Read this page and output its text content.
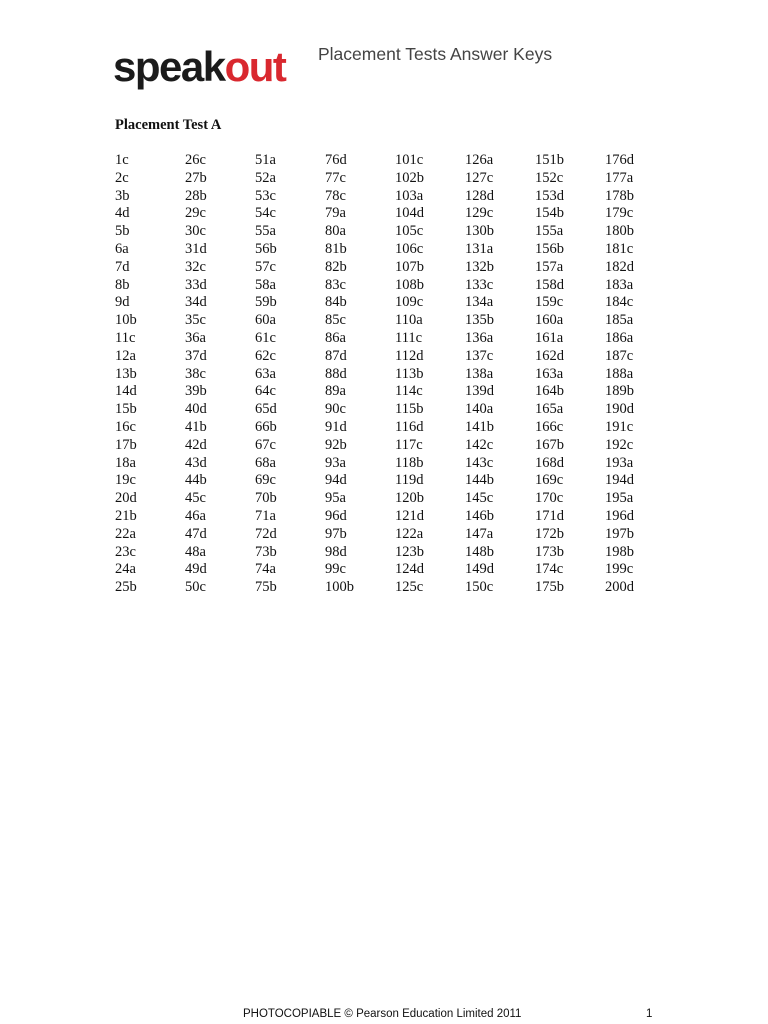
speakout Placement Tests Answer Keys
Placement Test A
1c
2c
3b
4d
5b
6a
7d
8b
9d
10b
11c
12a
13b
14d
15b
16c
17b
18a
19c
20d
21b
22a
23c
24a
25b
26c
27b
28b
29c
30c
31d
32c
33d
34d
35c
36a
37d
38c
39b
40d
41b
42d
43d
44b
45c
46a
47d
48a
49d
50c
51a
52a
53c
54c
55a
56b
57c
58a
59b
60a
61c
62c
63a
64c
65d
66b
67c
68a
69c
70b
71a
72d
73b
74a
75b
76d
77c
78c
79a
80a
81b
82b
83c
84b
85c
86a
87d
88d
89a
90c
91d
92b
93a
94d
95a
96d
97b
98d
99c
100b
101c
102b
103a
104d
105c
106c
107b
108b
109c
110a
111c
112d
113b
114c
115b
116d
117c
118b
119d
120b
121d
122a
123b
124d
125c
126a
127c
128d
129c
130b
131a
132b
133c
134a
135b
136a
137c
138a
139d
140a
141b
142c
143c
144b
145c
146b
147a
148b
149d
150c
151b
152c
153d
154b
155a
156b
157a
158d
159c
160a
161a
162d
163a
164b
165a
166c
167b
168d
169c
170c
171d
172b
173b
174c
175b
176d
177a
178b
179c
180b
181c
182d
183a
184c
185a
186a
187c
188a
189b
190d
191c
192c
193a
194d
195a
196d
197b
198b
199c
200d
PHOTOCOPIABLE © Pearson Education Limited 2011	1
